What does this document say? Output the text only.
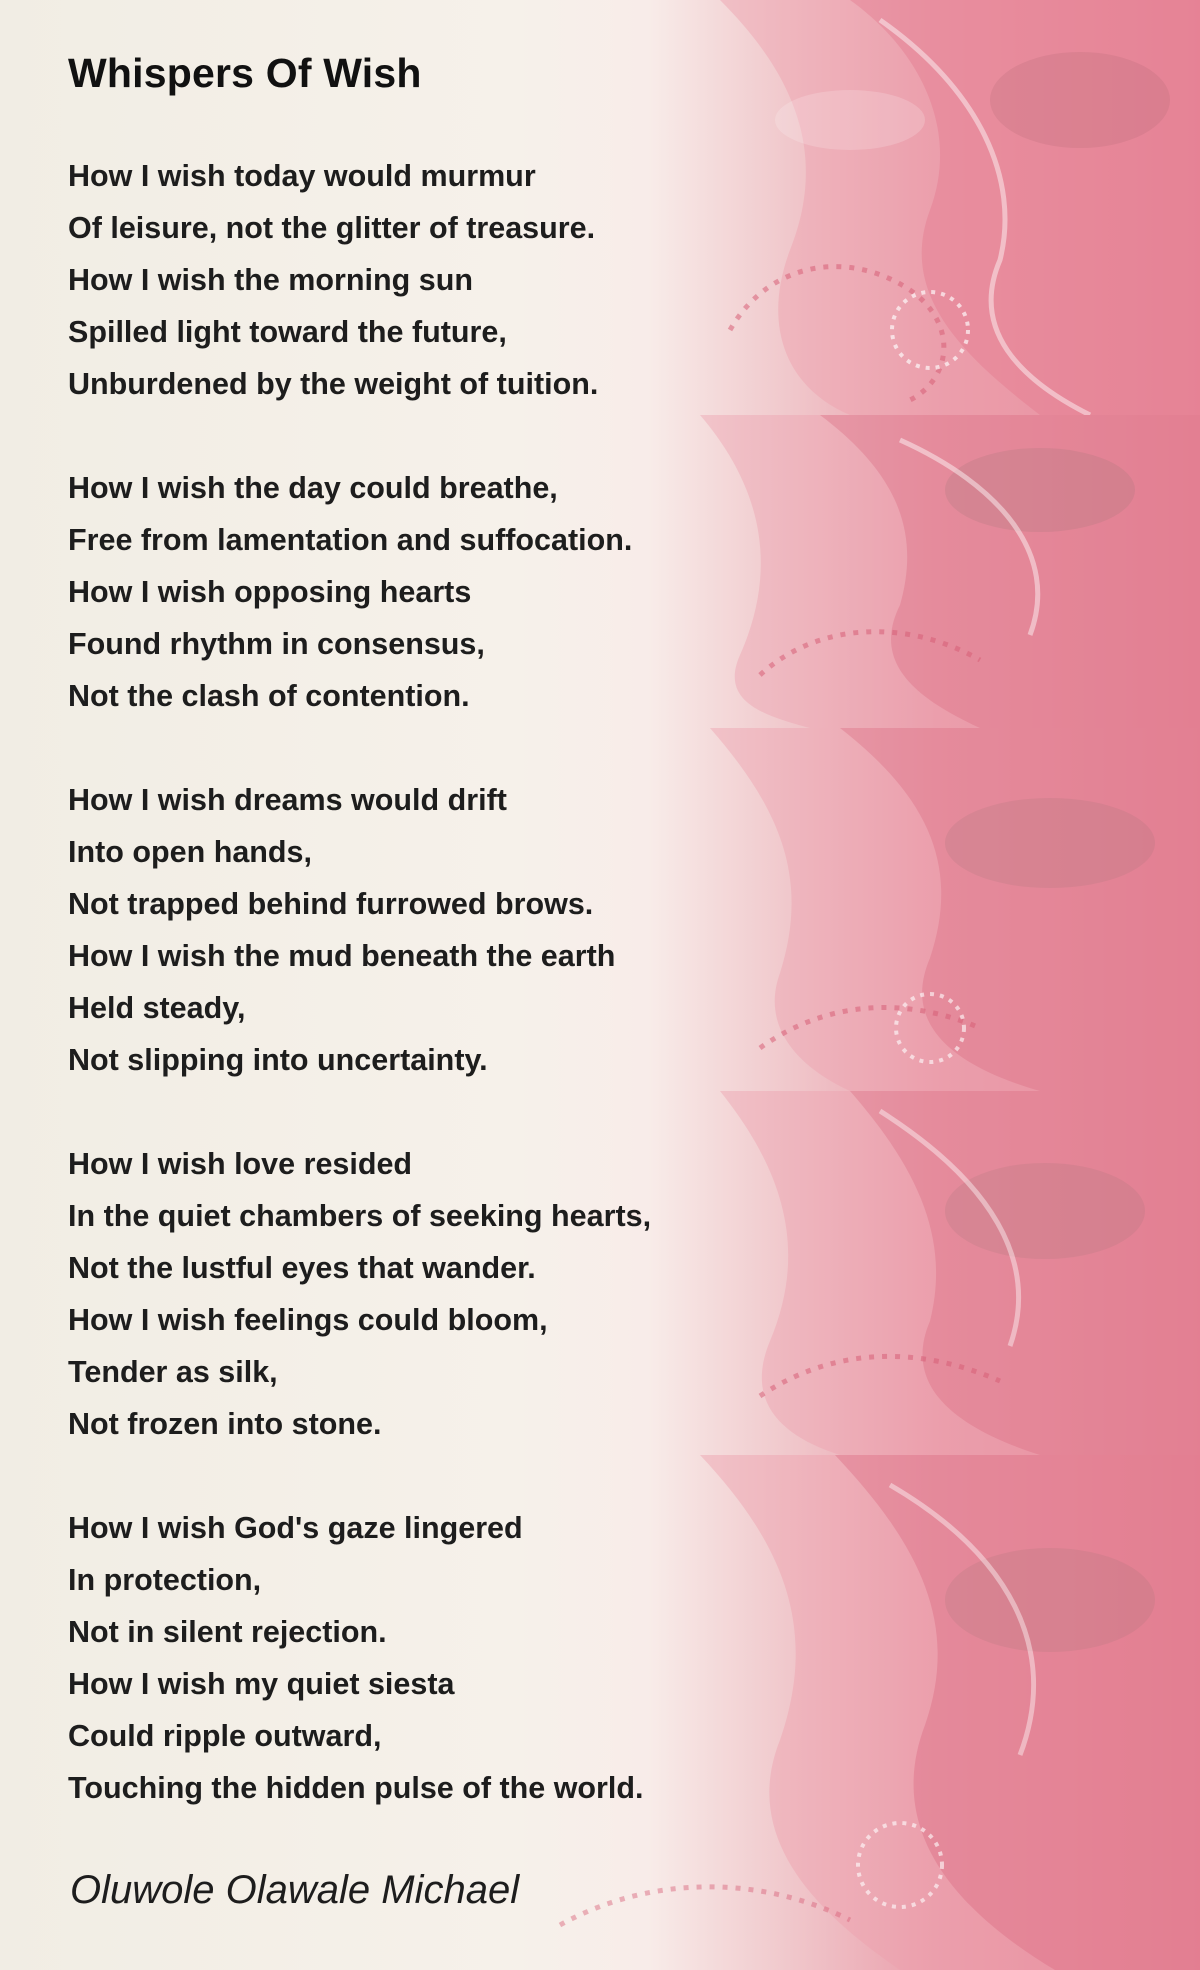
Whispers Of Wish
How I wish today would murmur
Of leisure, not the glitter of treasure.
How I wish the morning sun
Spilled light toward the future,
Unburdened by the weight of tuition.
How I wish the day could breathe,
Free from lamentation and suffocation.
How I wish opposing hearts
Found rhythm in consensus,
Not the clash of contention.
How I wish dreams would drift
Into open hands,
Not trapped behind furrowed brows.
How I wish the mud beneath the earth
Held steady,
Not slipping into uncertainty.
How I wish love resided
In the quiet chambers of seeking hearts,
Not the lustful eyes that wander.
How I wish feelings could bloom,
Tender as silk,
Not frozen into stone.
How I wish God's gaze lingered
In protection,
Not in silent rejection.
How I wish my quiet siesta
Could ripple outward,
Touching the hidden pulse of the world.
Oluwole Olawale Michael
